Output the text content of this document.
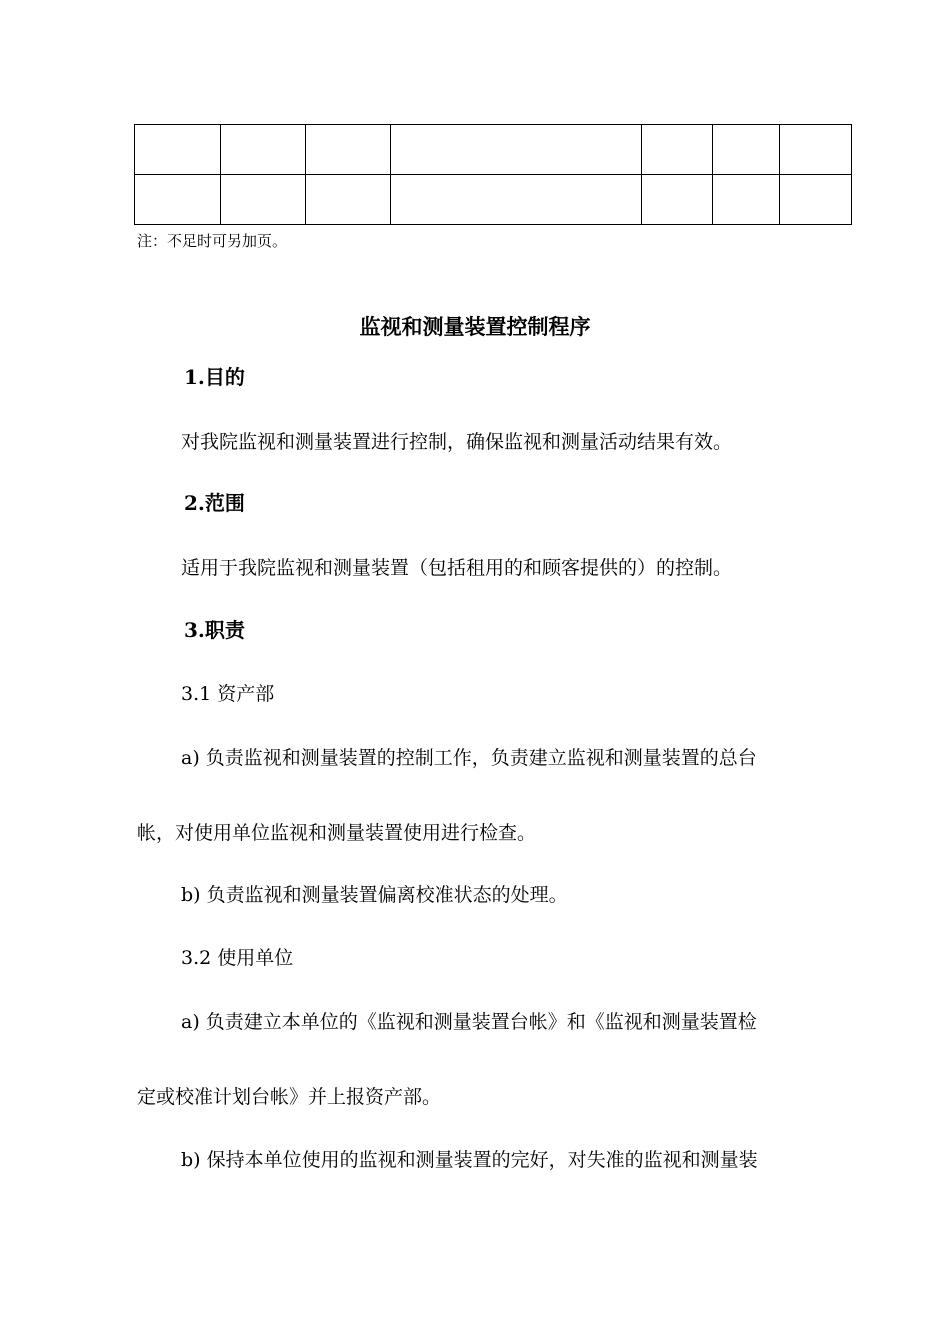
注：不足时可另加页。
监视和测量装置控制程序
1.目的
对我院监视和测量装置进行控制，确保监视和测量活动结果有效。
2.范围
适用于我院监视和测量装置（包括租用的和顾客提供的）的控制。
3.职责
3.1 资产部
a) 负责监视和测量装置的控制工作，负责建立监视和测量装置的总台
帐，对使用单位监视和测量装置使用进行检查。
b) 负责监视和测量装置偏离校准状态的处理。
3.2 使用单位
a) 负责建立本单位的《监视和测量装置台帐》和《监视和测量装置检
定或校准计划台帐》并上报资产部。
b) 保持本单位使用的监视和测量装置的完好，对失准的监视和测量装
